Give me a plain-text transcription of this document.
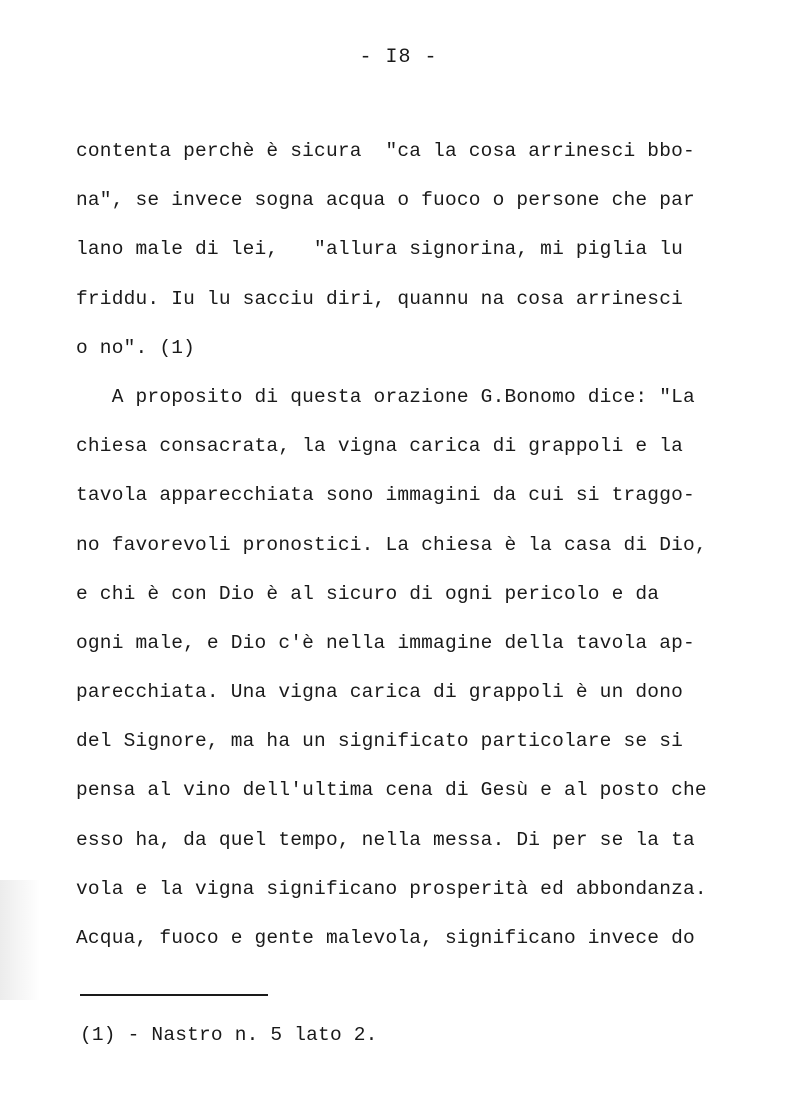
- I8 -
contenta perchè è sicura  "ca la cosa arrinesci bbo-
na", se invece sogna acqua o fuoco o persone che par
lano male di lei,   "allura signorina, mi piglia lu
friddu. Iu lu sacciu diri, quannu na cosa arrinesci
o no". (1)
A proposito di questa orazione G.Bonomo dice: "La
chiesa consacrata, la vigna carica di grappoli e la
tavola apparecchiata sono immagini da cui si traggo-
no favorevoli pronostici. La chiesa è la casa di Dio,
e chi è con Dio è al sicuro di ogni pericolo e da
ogni male, e Dio c'è nella immagine della tavola ap-
parecchiata. Una vigna carica di grappoli è un dono
del Signore, ma ha un significato particolare se si
pensa al vino dell'ultima cena di Gesù e al posto che
esso ha, da quel tempo, nella messa. Di per se la ta
vola e la vigna significano prosperità ed abbondanza.
Acqua, fuoco e gente malevola, significano invece do
(1) - Nastro n. 5 lato 2.
